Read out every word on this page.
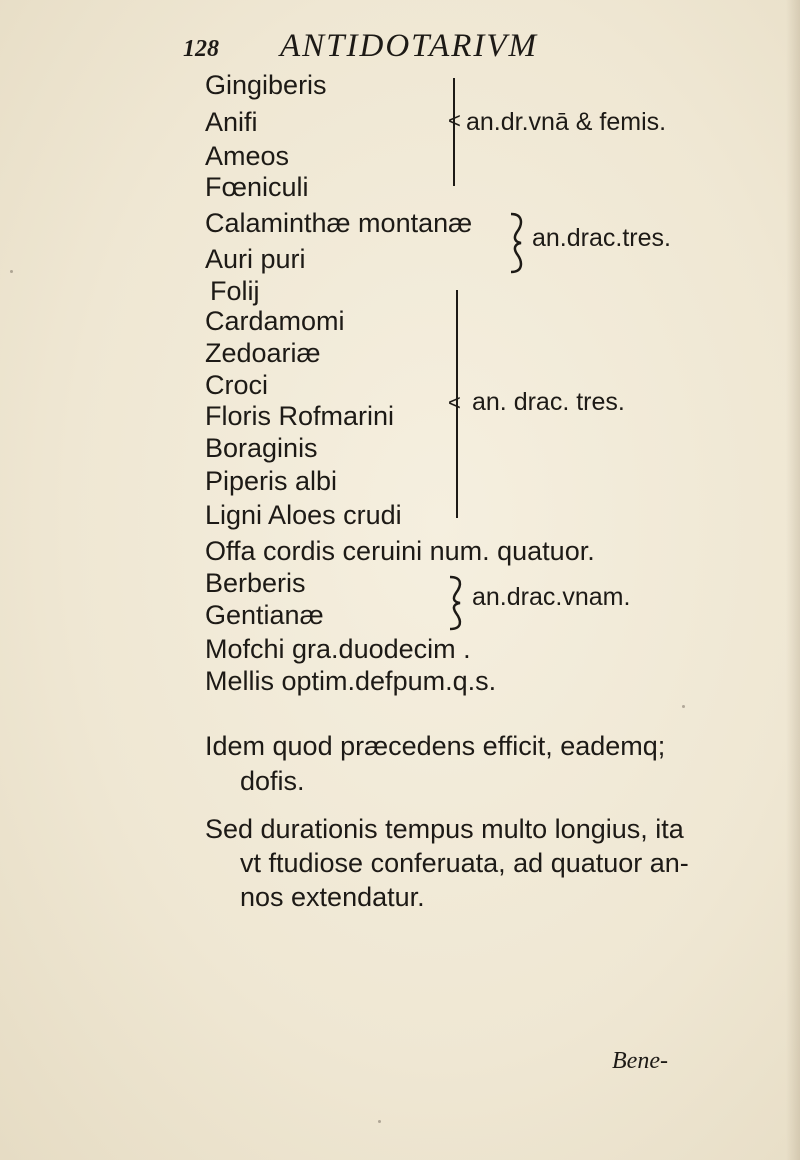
128 ANTIDOTARIVM
Gingiberis
Anifi
Ameos
Fœniculi
< an.dr.vnā & femis.
Calaminthæ montanæ
Auri puri
an.drac.tres.
Folij
Cardamomi
Zedoariæ
Croci
Floris Rofmarini
Boraginis
Piperis albi
Ligni Aloes crudi
< an. drac. tres.
Offa cordis ceruini num. quatuor.
Berberis
Gentianæ
an.drac.vnam.
Mofchi gra.duodecim .
Mellis optim.defpum.q.s.
Idem quod præcedens efficit, eademq;
dofis.
Sed durationis tempus multo longius, ita
vt ftudiose conferuata, ad quatuor an-
nos extendatur.
Bene-
